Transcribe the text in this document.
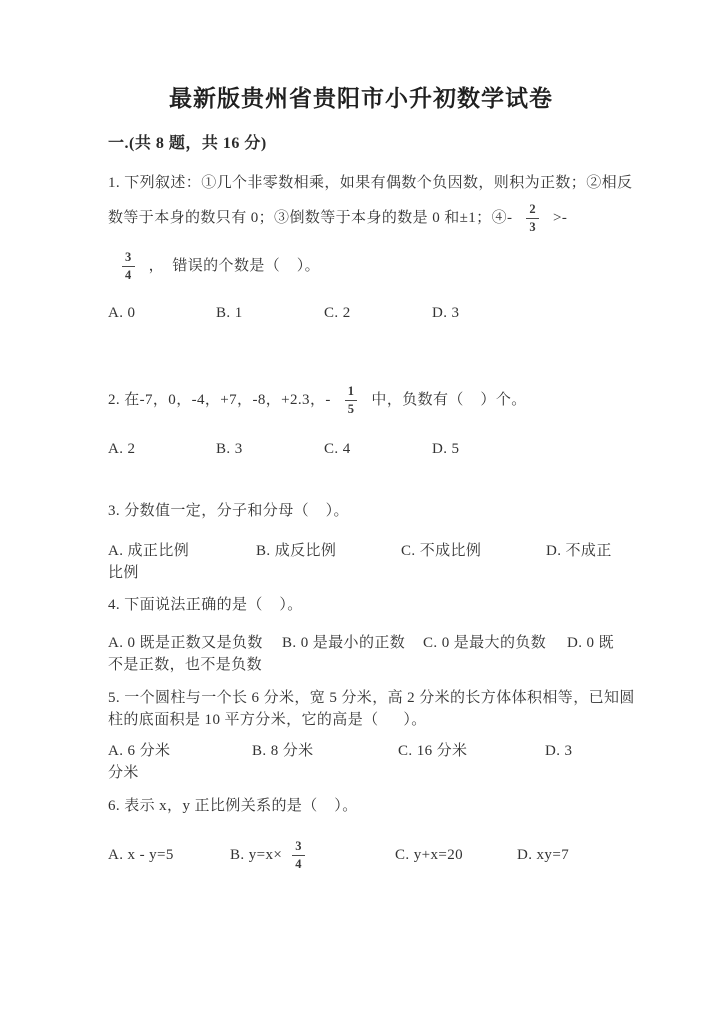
最新版贵州省贵阳市小升初数学试卷
一.(共 8 题，共 16 分)
1. 下列叙述：①几个非零数相乘，如果有偶数个负因数，则积为正数；②相反
数等于本身的数只有 0；③倒数等于本身的数是 0 和±1；④- $\frac{2}{3}$ >-
$\frac{3}{4}$ ，  错误的个数是（    ）。
A. 0	B. 1	C. 2	D. 3
2. 在-7，0，-4，+7，-8，+2.3，- $\frac{1}{5}$ 中，负数有（    ）个。
A. 2	B. 3	C. 4	D. 5
3. 分数值一定，分子和分母（    ）。
A. 成正比例	B. 成反比例	C. 不成比例	D. 不成正
比例
4. 下面说法正确的是（    ）。
A. 0 既是正数又是负数 B. 0 是最小的正数 C. 0 是最大的负数 D. 0 既
不是正数，也不是负数
5. 一个圆柱与一个长 6 分米，宽 5 分米，高 2 分米的长方体体积相等，已知圆
柱的底面积是 10 平方分米，它的高是（      ）。
A. 6 分米	B. 8 分米	C. 16 分米	D. 3
分米
6. 表示 x，y 正比例关系的是（    ）。
A. x - y=5	B. $y=x\times \frac{3}{4}$	C. y+x=20	D. xy=7
